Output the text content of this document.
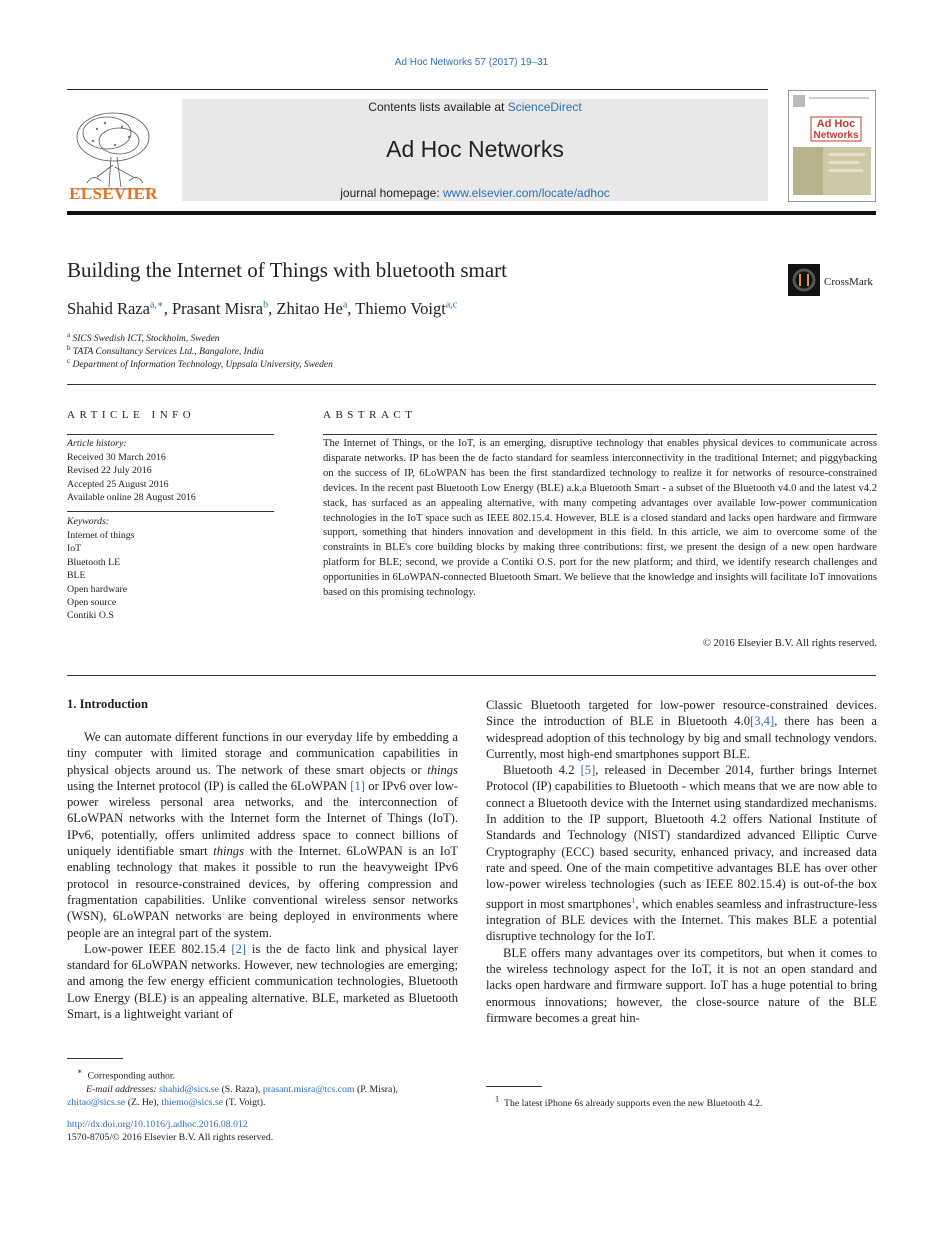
Ad Hoc Networks 57 (2017) 19–31
ELSEVIER
Contents lists available at ScienceDirect
Ad Hoc Networks
journal homepage: www.elsevier.com/locate/adhoc
Ad Hoc
Networks
Building the Internet of Things with bluetooth smart	CrossMark
Shahid Raza$^{a,∗}$, Prasant Misra$^b$, Zhitao He$^a$, Thiemo Voigt$^{a,c}$
$^a$ SICS Swedish ICT, Stockholm, Sweden
$^b$ TATA Consultancy Services Ltd., Bangalore, India
$^c$ Department of Information Technology, Uppsala University, Sweden
ARTICLE INFO
Article history:
Received 30 March 2016
Revised 22 July 2016
Accepted 25 August 2016
Available online 28 August 2016
Keywords:
Internet of things
IoT
Bluetooth LE
BLE
Open hardware
Open source
Contiki O.S
ABSTRACT
The Internet of Things, or the IoT, is an emerging, disruptive technology that enables physical devices to communicate across disparate networks. IP has been the de facto standard for seamless interconnectivity in the traditional Internet; and piggybacking on the success of IP, 6LoWPAN has been the first standardized technology to realize it for networks of resource-constrained devices. In the recent past Bluetooth Low Energy (BLE) a.k.a Bluetooth Smart - a subset of the Bluetooth v4.0 and the latest v4.2 stack, has surfaced as an appealing alternative, with many competing advantages over available low-power communication technologies in the IoT space such as IEEE 802.15.4. However, BLE is a closed standard and lacks open hardware and firmware support, something that hinders innovation and development in this field. In this article, we aim to overcome some of the constraints in BLE's core building blocks by making three contributions: first, we present the design of a new open hardware platform for BLE; second, we provide a Contiki O.S. port for the new platform; and third, we identify research challenges and opportunities in 6LoWPAN-connected Bluetooth Smart. We believe that the knowledge and insights will facilitate IoT innovations based on this promising technology.
© 2016 Elsevier B.V. All rights reserved.
1. Introduction

We can automate different functions in our everyday life by embedding a tiny computer with limited storage and communication capabilities in physical objects around us. The network of these smart objects or things using the Internet protocol (IP) is called the 6LoWPAN [1] or IPv6 over low-power wireless personal area networks, and the interconnection of 6LoWPAN networks with the Internet form the Internet of Things (IoT). IPv6, potentially, offers unlimited address space to connect billions of uniquely identifiable smart things with the Internet. 6LoWPAN is an IoT enabling technology that makes it possible to run the heavyweight IPv6 protocol in resource-constrained devices, by offering compression and fragmentation capabilities. Unlike conventional wireless sensor networks (WSN), 6LoWPAN networks are being deployed in environments where people are an integral part of the system.

Low-power IEEE 802.15.4 [2] is the de facto link and physical layer standard for 6LoWPAN networks. However, new technologies are emerging; and among the few energy efficient communication technologies, Bluetooth Low Energy (BLE) is an appealing alternative. BLE, marketed as Bluetooth Smart, is a lightweight variant of

Classic Bluetooth targeted for low-power resource-constrained devices. Since the introduction of BLE in Bluetooth 4.0[3,4], there has been a widespread adoption of this technology by big and small technology vendors. Currently, most high-end smartphones support BLE.

Bluetooth 4.2 [5], released in December 2014, further brings Internet Protocol (IP) capabilities to Bluetooth - which means that we are now able to connect a Bluetooth device with the Internet using standardized mechanisms. In addition to the IP support, Bluetooth 4.2 offers National Institute of Standards and Technology (NIST) standardized advanced Elliptic Curve Cryptography (ECC) based security, enhanced privacy, and increased data rate and speed. One of the main competitive advantages BLE has over other low-power wireless technologies (such as IEEE 802.15.4) is out-of-the box support in most smartphones$^1$, which enables seamless and infrastructure-less integration of BLE devices with the Internet. This makes BLE a potential disruptive technology for the IoT.

BLE offers many advantages over its competitors, but when it comes to the wireless technology aspect for the IoT, it is not an open standard and lacks open hardware and firmware support. IoT has a huge potential to bring enormous innovations; however, the close-source nature of the BLE firmware becomes a great hin-

∗ Corresponding author.
E-mail addresses: shahid@sics.se (S. Raza), prasant.misra@tcs.com (P. Misra),
zhitao@sics.se (Z. He), thiemo@sics.se (T. Voigt).
http://dx.doi.org/10.1016/j.adhoc.2016.08.012
1570-8705/© 2016 Elsevier B.V. All rights reserved.
$^1$ The latest iPhone 6s already supports even the new Bluetooth 4.2.
